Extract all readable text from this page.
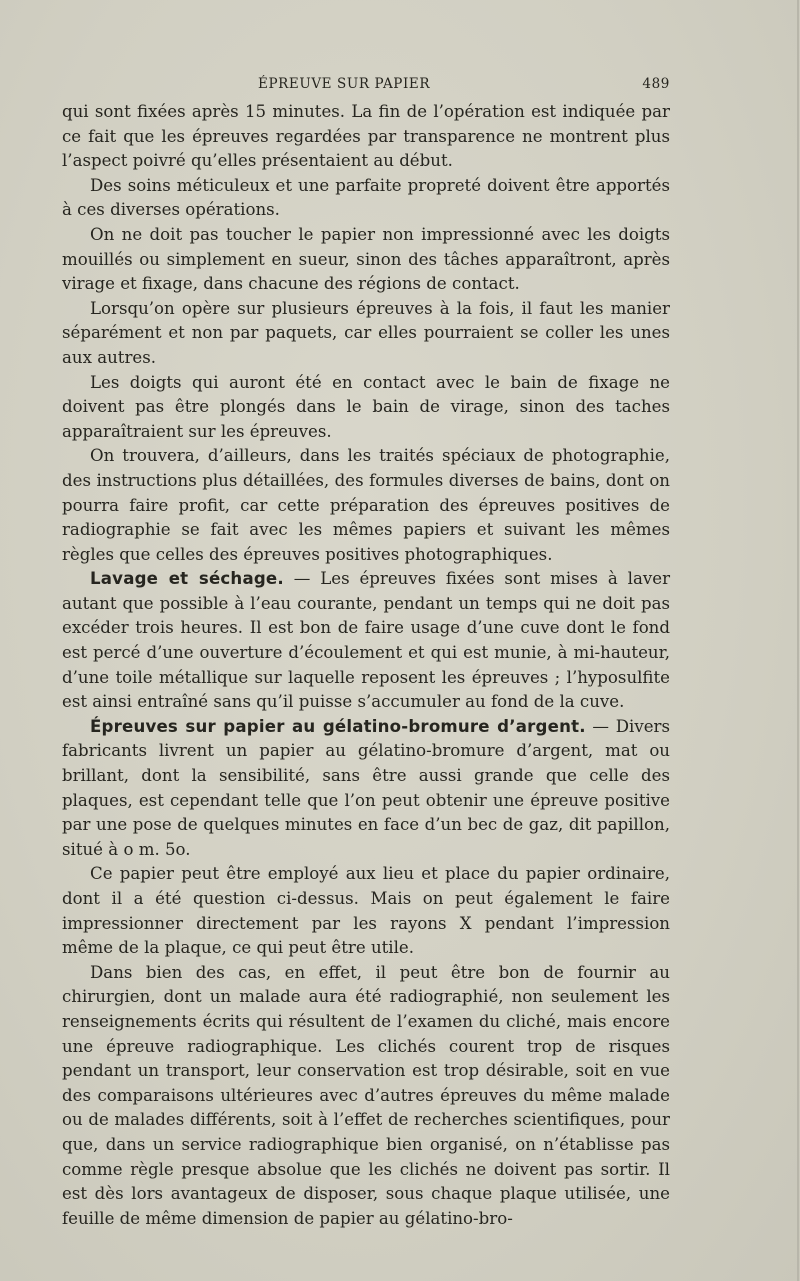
ÉPREUVE SUR PAPIER	489

qui sont fixées après 15 minutes. La fin de l’opération est indiquée par ce fait que les épreuves regardées par transparence ne montrent plus l’aspect poivré qu’elles présentaient au début.

Des soins méticuleux et une parfaite propreté doivent être apportés à ces diverses opérations.

On ne doit pas toucher le papier non impressionné avec les doigts mouillés ou simplement en sueur, sinon des tâches apparaîtront, après virage et fixage, dans chacune des régions de contact.

Lorsqu’on opère sur plusieurs épreuves à la fois, il faut les manier séparément et non par paquets, car elles pourraient se coller les unes aux autres.

Les doigts qui auront été en contact avec le bain de fixage ne doivent pas être plongés dans le bain de virage, sinon des taches apparaîtraient sur les épreuves.

On trouvera, d’ailleurs, dans les traités spéciaux de photographie, des instructions plus détaillées, des formules diverses de bains, dont on pourra faire profit, car cette préparation des épreuves positives de radiographie se fait avec les mêmes papiers et suivant les mêmes règles que celles des épreuves positives photographiques.

Lavage et séchage. — Les épreuves fixées sont mises à laver autant que possible à l’eau courante, pendant un temps qui ne doit pas excéder trois heures. Il est bon de faire usage d’une cuve dont le fond est percé d’une ouverture d’écoulement et qui est munie, à mi-hauteur, d’une toile métallique sur laquelle reposent les épreuves ; l’hyposulfite est ainsi entraîné sans qu’il puisse s’accumuler au fond de la cuve.

Épreuves sur papier au gélatino-bromure d’argent. — Divers fabricants livrent un papier au gélatino-bromure d’argent, mat ou brillant, dont la sensibilité, sans être aussi grande que celle des plaques, est cependant telle que l’on peut obtenir une épreuve positive par une pose de quelques minutes en face d’un bec de gaz, dit papillon, situé à o m. 5o.

Ce papier peut être employé aux lieu et place du papier ordinaire, dont il a été question ci-dessus. Mais on peut également le faire impressionner directement par les rayons X pendant l’impression même de la plaque, ce qui peut être utile.

Dans bien des cas, en effet, il peut être bon de fournir au chirurgien, dont un malade aura été radiographié, non seulement les renseignements écrits qui résultent de l’examen du cliché, mais encore une épreuve radiographique. Les clichés courent trop de risques pendant un transport, leur conservation est trop désirable, soit en vue des comparaisons ultérieures avec d’autres épreuves du même malade ou de malades différents, soit à l’effet de recherches scientifiques, pour que, dans un service radiographique bien organisé, on n’établisse pas comme règle presque absolue que les clichés ne doivent pas sortir. Il est dès lors avantageux de disposer, sous chaque plaque utilisée, une feuille de même dimension de papier au gélatino-bro-
